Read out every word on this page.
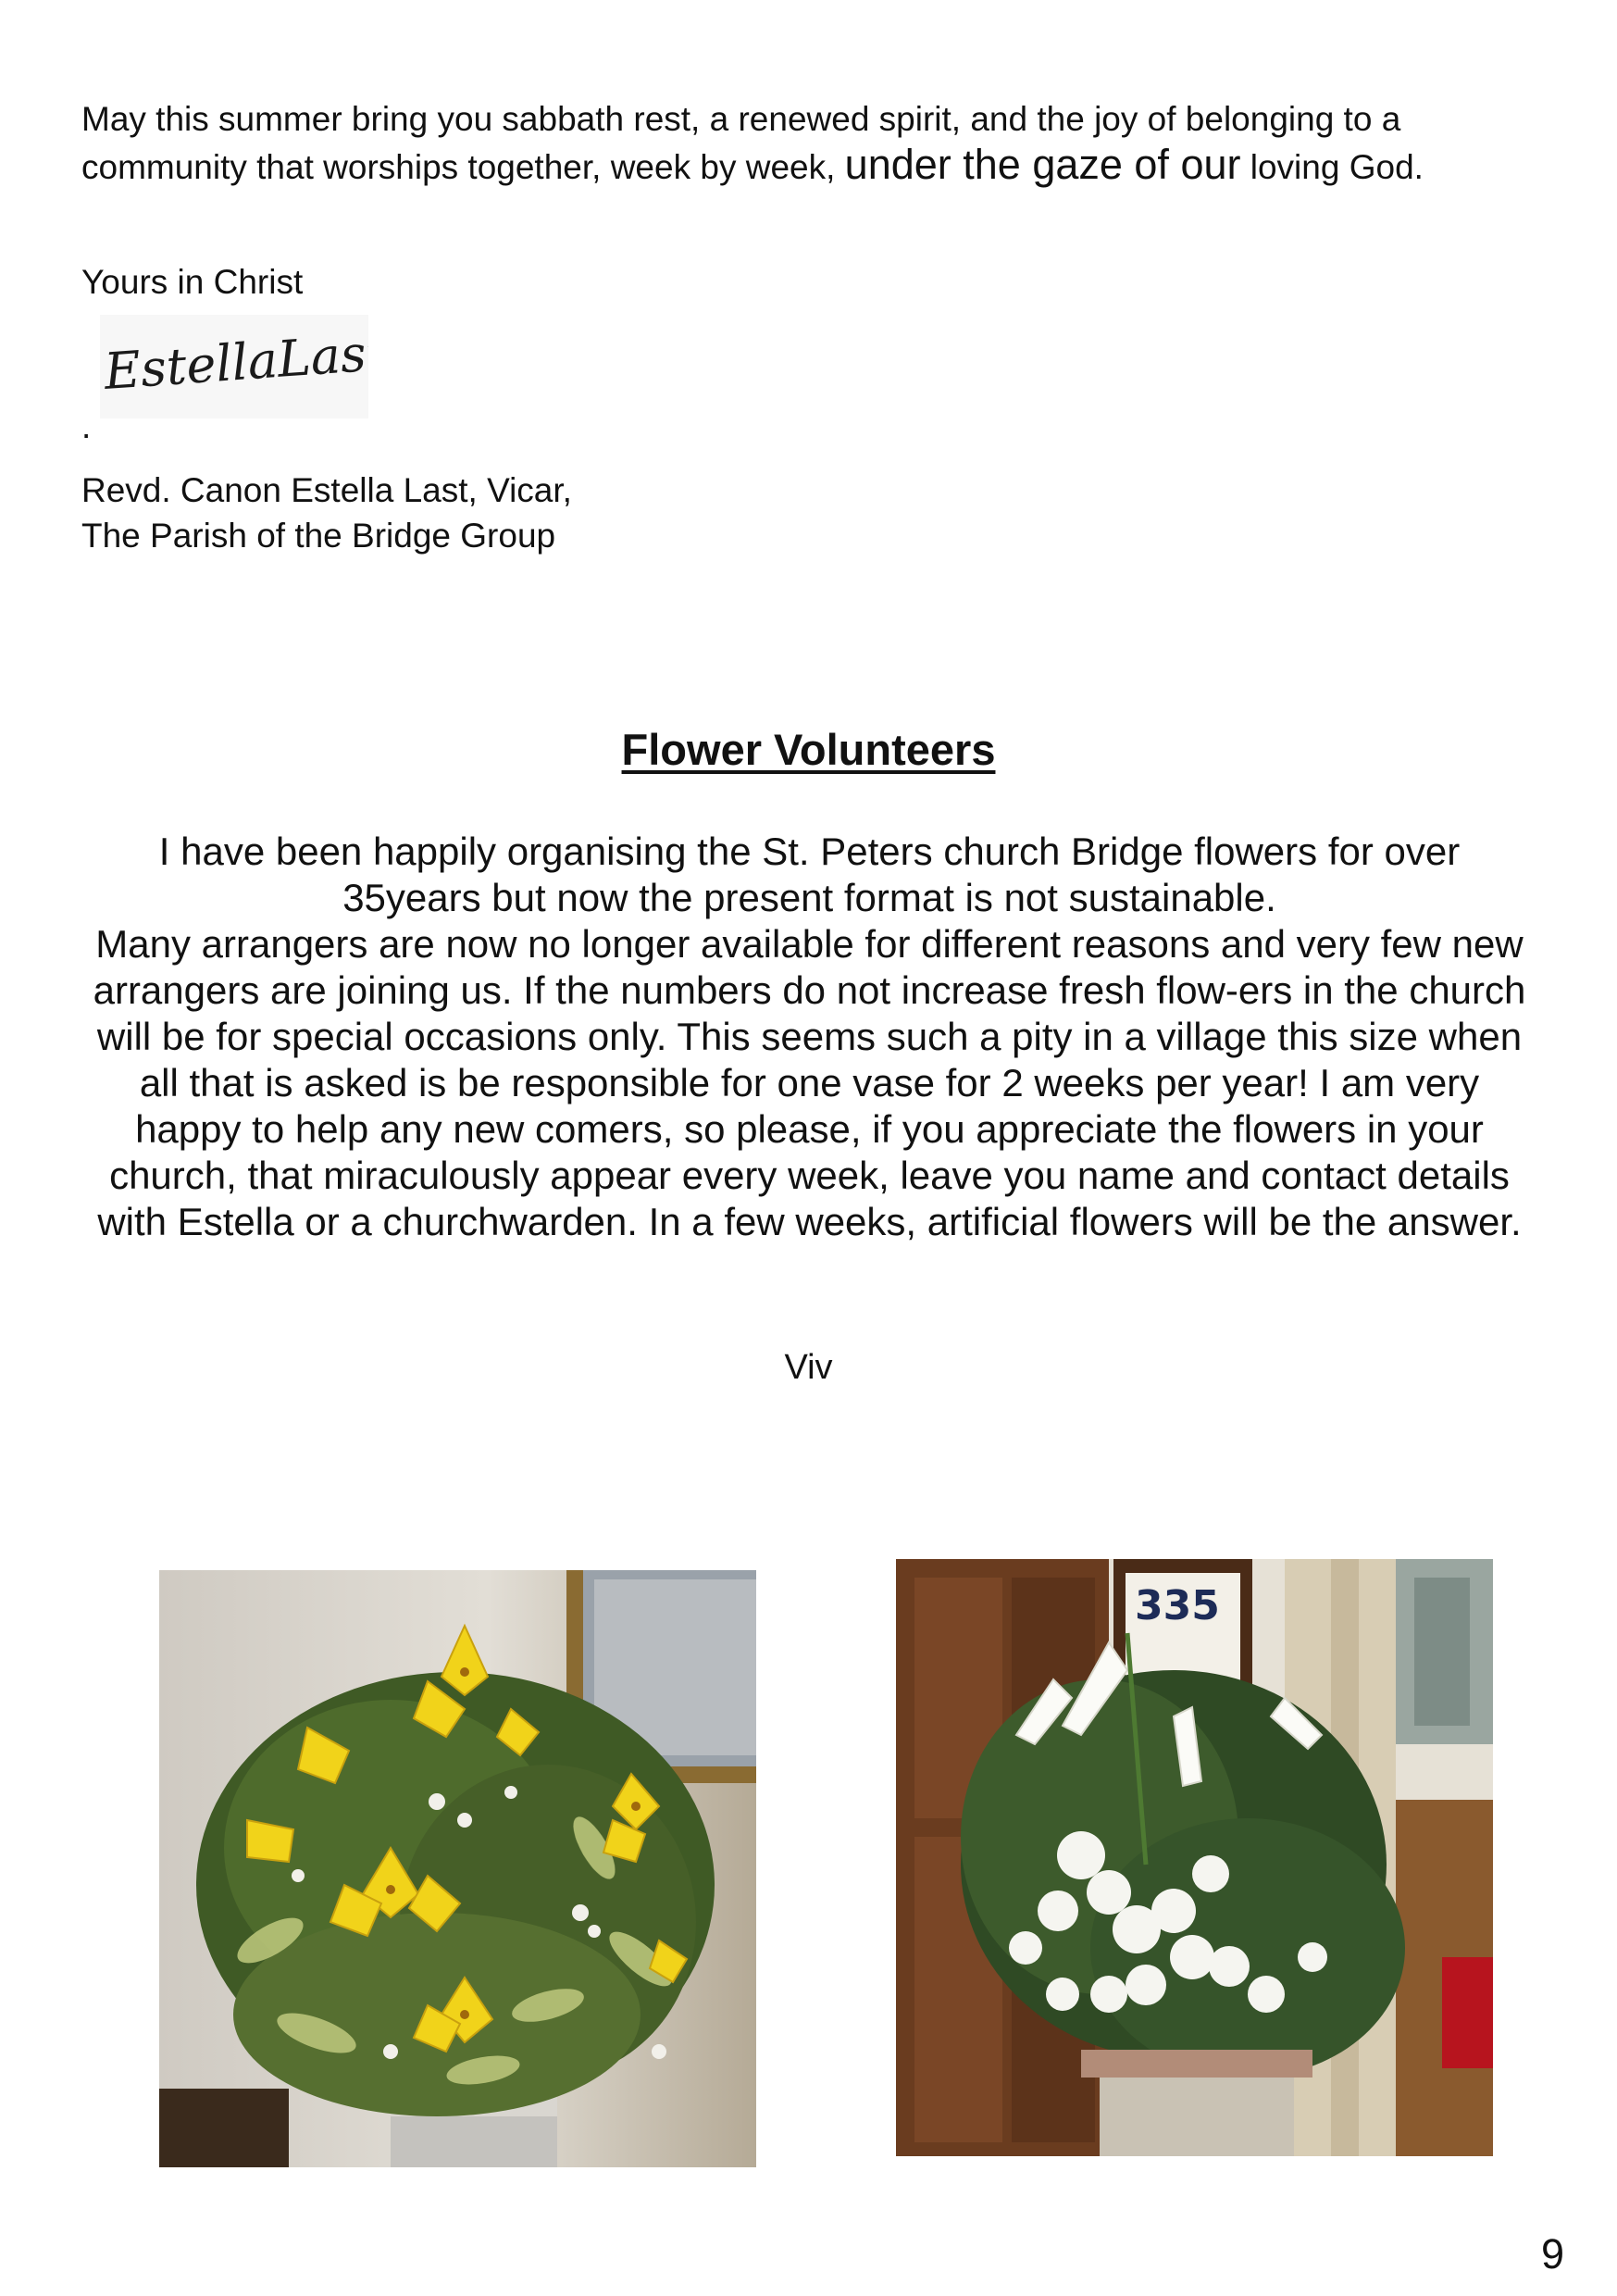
May this summer bring you sabbath rest, a renewed spirit, and the joy of belonging to a community that worships together, week by week, under the gaze of our loving God.
Yours in Christ
EstellaLast
.
Revd. Canon Estella Last, Vicar,
The Parish of the Bridge Group
Flower Volunteers
I have been happily organising the St. Peters church Bridge flowers for over 35years but now the present format is not sustainable.
Many arrangers are now no longer available for different reasons and very few new arrangers are joining us. If the numbers do not increase fresh flow-ers in the church will be for special occasions only. This seems such a pity in a village this size when all that is asked is be responsible for one vase for 2 weeks per year! I am very happy to help any new comers, so please, if you appreciate the flowers in your church, that miraculously appear every week, leave you name and contact details with Estella or a churchwarden. In a few weeks, artificial flowers will be the answer.
Viv
335
9
